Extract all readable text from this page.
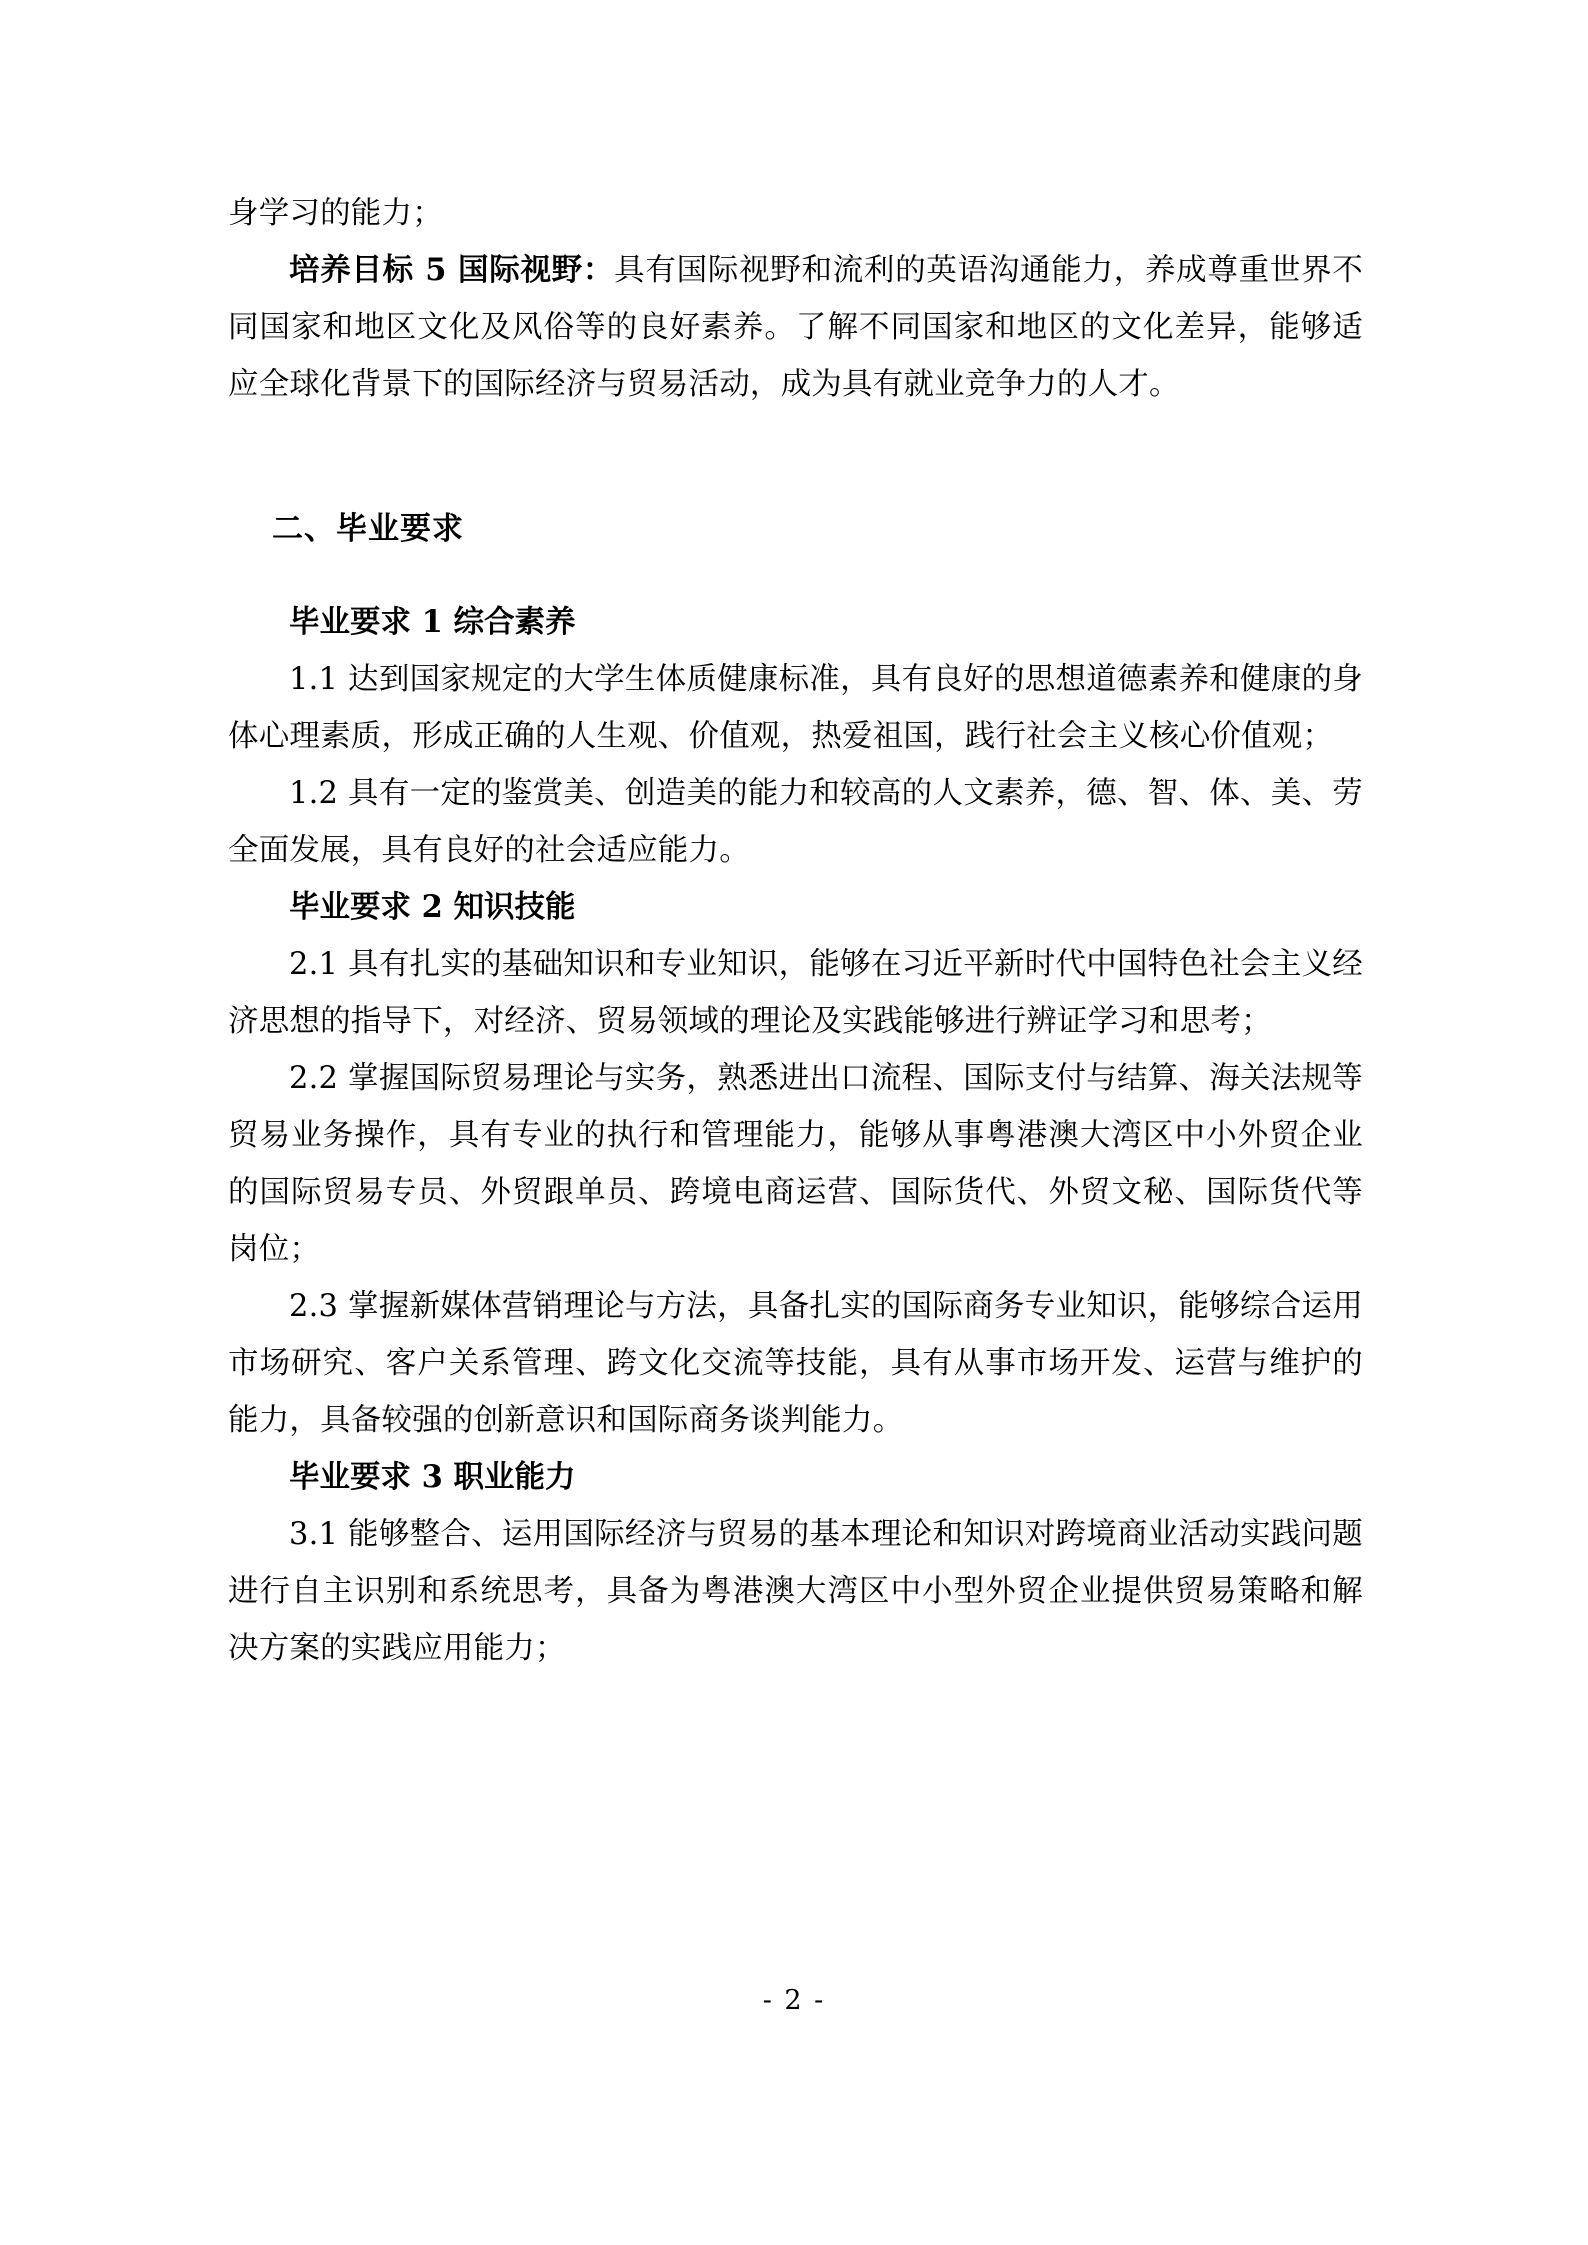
身学习的能力；

培养目标 5 国际视野：具有国际视野和流利的英语沟通能力，养成尊重世界不同国家和地区文化及风俗等的良好素养。了解不同国家和地区的文化差异，能够适应全球化背景下的国际经济与贸易活动，成为具有就业竞争力的人才。

二、毕业要求

毕业要求 1 综合素养

1.1 达到国家规定的大学生体质健康标准，具有良好的思想道德素养和健康的身体心理素质，形成正确的人生观、价值观，热爱祖国，践行社会主义核心价值观；

1.2 具有一定的鉴赏美、创造美的能力和较高的人文素养，德、智、体、美、劳全面发展，具有良好的社会适应能力。

毕业要求 2 知识技能

2.1 具有扎实的基础知识和专业知识，能够在习近平新时代中国特色社会主义经济思想的指导下，对经济、贸易领域的理论及实践能够进行辨证学习和思考；

2.2 掌握国际贸易理论与实务，熟悉进出口流程、国际支付与结算、海关法规等贸易业务操作，具有专业的执行和管理能力，能够从事粤港澳大湾区中小外贸企业的国际贸易专员、外贸跟单员、跨境电商运营、国际货代、外贸文秘、国际货代等岗位；

2.3 掌握新媒体营销理论与方法，具备扎实的国际商务专业知识，能够综合运用市场研究、客户关系管理、跨文化交流等技能，具有从事市场开发、运营与维护的能力，具备较强的创新意识和国际商务谈判能力。

毕业要求 3 职业能力

3.1 能够整合、运用国际经济与贸易的基本理论和知识对跨境商业活动实践问题进行自主识别和系统思考，具备为粤港澳大湾区中小型外贸企业提供贸易策略和解决方案的实践应用能力；

- 2 -
